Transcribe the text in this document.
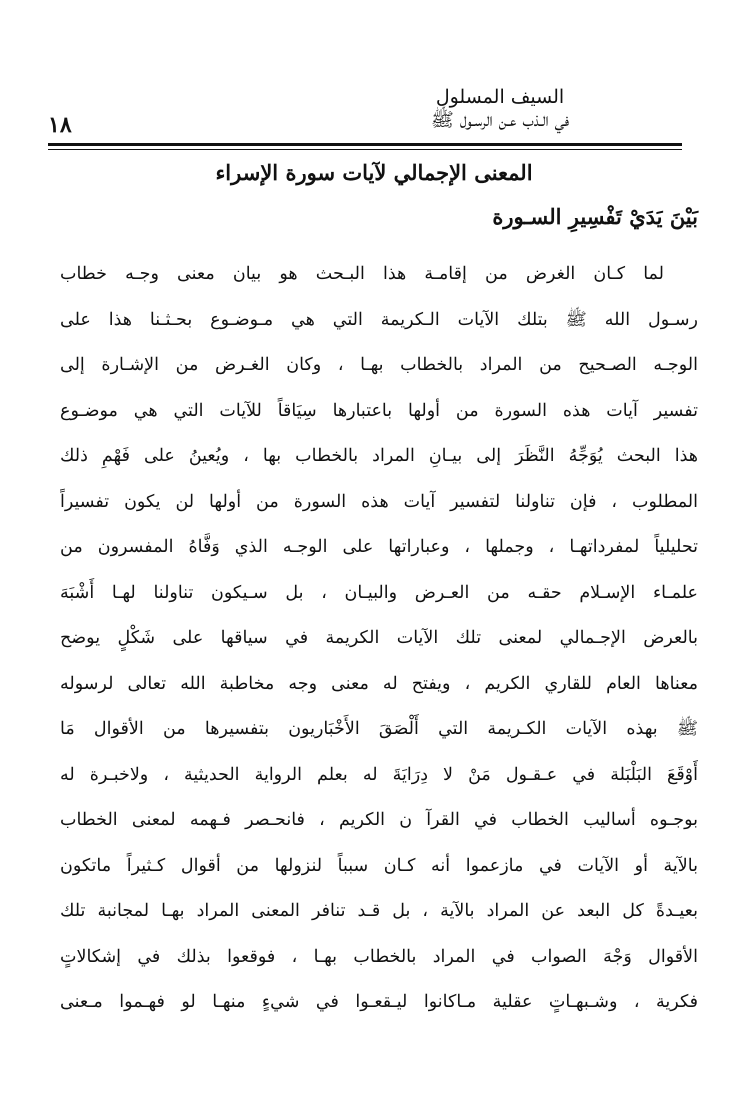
السيف المسلول
في الـذب عـن الرسـول ﷺ
١٨
المعنى الإجمالي لآيات سورة الإسراء
بَيْنَ يَدَيْ تَفْسِيرِ السـورة
لما كـان الغرض من إقامـة هذا البـحث هو بيان معنى وجـه خطاب
رسـول الله ﷺ بتلك الآيات الـكريمة التي هي مـوضـوع بحـثـنا هذا على
الوجـه الصـحيح من المراد بالخطاب بهـا ، وكان الغـرض من الإشـارة إلى
تفسير آيات هذه السورة من أولها باعتبارها سِيَاقاً للآيات التي هي موضـوع
هذا البحث يُوَجِّهُ النَّظَرَ إلى بيـانِ المراد بالخطاب بها ، ويُعينُ على فَهْمِ ذلك
المطلوب ، فإن تناولنا لتفسير آيات هذه السورة من أولها لن يكون تفسيراً
تحليلياً لمفرداتهـا ، وجملها ، وعباراتها على الوجـه الذي وَفَّاهُ المفسرون من
علمـاء الإسـلام حقـه من العـرض والبيـان ، بل سـيكون تناولنا لهـا أَشْبَهَ
بالعرض الإجـمالي لمعنى تلك الآيات الكريمة في سياقها على شَكْلٍ يوضح
معناها العام للقاري الكريم ، ويفتح له معنى وجه مخاطبة الله تعالى لرسوله
ﷺ بهذه الآيات الكـريمة التي أَلْصَقَ الأَخْبَاريون بتفسيرها من الأقوال مَا
أَوْقَعَ البَلْبَلة في عـقـول مَنْ لا دِرَايَةَ له بعلم الرواية الحديثية ، ولاخبـرة له
بوجـوه أساليب الخطاب في القرآ ن الكريم ، فانحـصر فـهمه لمعنى الخطاب
بالآية أو الآيات في مازعموا أنه كـان سبباً لنزولها من أقوال كـثيراً ماتكون
بعيـدةً كل البعد عن المراد بالآية ، بل قـد تنافر المعنى المراد بهـا لمجانبة تلك
الأقوال وَجْهَ الصواب في المراد بالخطاب بهـا ، فوقعوا بذلك في إشكالاتٍ
فكرية ، وشـبهـاتٍ عقلية مـاكانوا ليـقعـوا في شيءٍ منهـا لو فهـموا مـعنى
